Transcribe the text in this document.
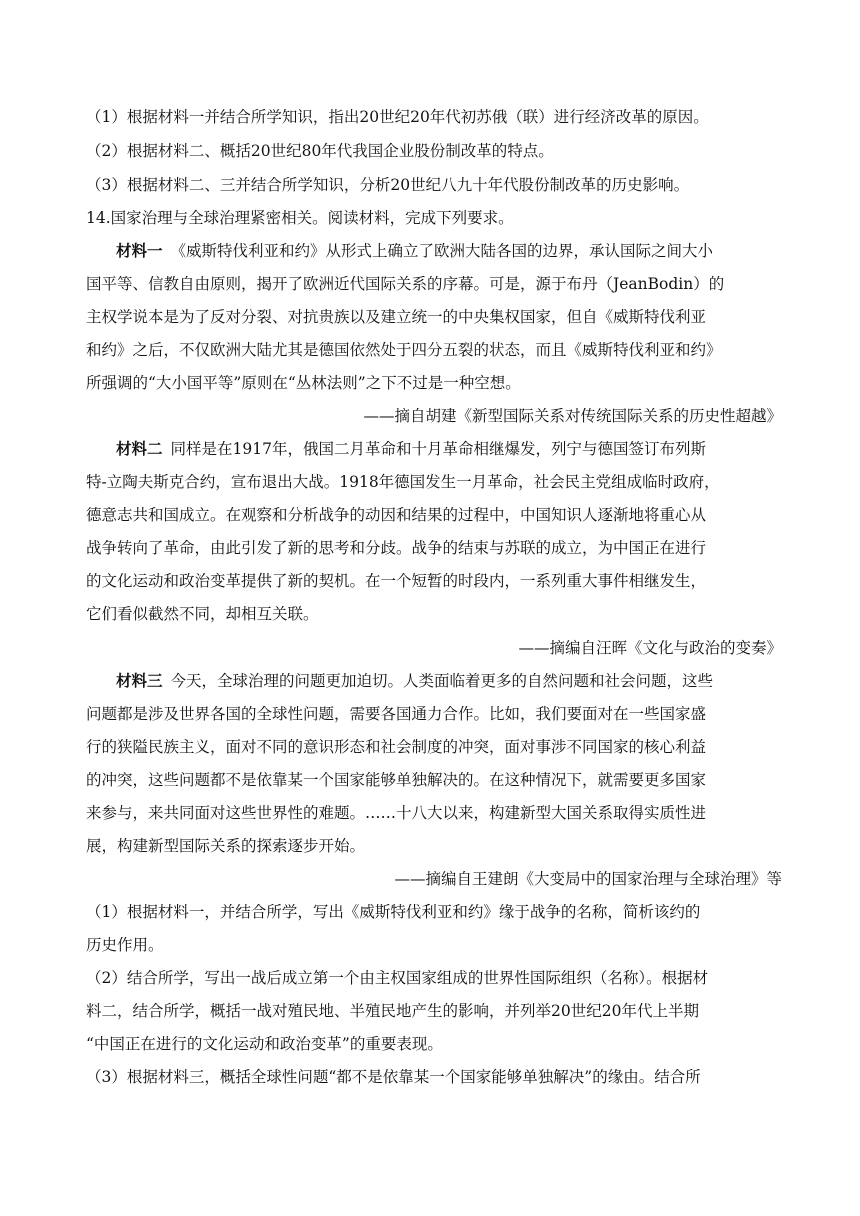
（1）根据材料一并结合所学知识，指出20世纪20年代初苏俄（联）进行经济改革的原因。
（2）根据材料二、概括20世纪80年代我国企业股份制改革的特点。
（3）根据材料二、三并结合所学知识，分析20世纪八九十年代股份制改革的历史影响。
14.国家治理与全球治理紧密相关。阅读材料，完成下列要求。
材料一 《威斯特伐利亚和约》从形式上确立了欧洲大陆各国的边界，承认国际之间大小
国平等、信教自由原则，揭开了欧洲近代国际关系的序幕。可是，源于布丹（JeanBodin）的
主权学说本是为了反对分裂、对抗贵族以及建立统一的中央集权国家，但自《威斯特伐利亚
和约》之后，不仅欧洲大陆尤其是德国依然处于四分五裂的状态，而且《威斯特伐利亚和约》
所强调的“大小国平等”原则在“丛林法则”之下不过是一种空想。
——摘自胡建《新型国际关系对传统国际关系的历史性超越》
材料二 同样是在1917年，俄国二月革命和十月革命相继爆发，列宁与德国签订布列斯
特-立陶夫斯克合约，宣布退出大战。1918年德国发生一月革命，社会民主党组成临时政府，
德意志共和国成立。在观察和分析战争的动因和结果的过程中，中国知识人逐渐地将重心从
战争转向了革命，由此引发了新的思考和分歧。战争的结束与苏联的成立，为中国正在进行
的文化运动和政治变革提供了新的契机。在一个短暂的时段内，一系列重大事件相继发生，
它们看似截然不同，却相互关联。
——摘编自汪晖《文化与政治的变奏》
材料三 今天，全球治理的问题更加迫切。人类面临着更多的自然问题和社会问题，这些
问题都是涉及世界各国的全球性问题，需要各国通力合作。比如，我们要面对在一些国家盛
行的狭隘民族主义，面对不同的意识形态和社会制度的冲突，面对事涉不同国家的核心利益
的冲突，这些问题都不是依靠某一个国家能够单独解决的。在这种情况下，就需要更多国家
来参与，来共同面对这些世界性的难题。……十八大以来，构建新型大国关系取得实质性进
展，构建新型国际关系的探索逐步开始。
——摘编自王建朗《大变局中的国家治理与全球治理》等
（1）根据材料一，并结合所学，写出《威斯特伐利亚和约》缘于战争的名称，简析该约的
历史作用。
（2）结合所学，写出一战后成立第一个由主权国家组成的世界性国际组织（名称）。根据材
料二，结合所学，概括一战对殖民地、半殖民地产生的影响，并列举20世纪20年代上半期
“中国正在进行的文化运动和政治变革”的重要表现。
（3）根据材料三，概括全球性问题“都不是依靠某一个国家能够单独解决”的缘由。结合所
